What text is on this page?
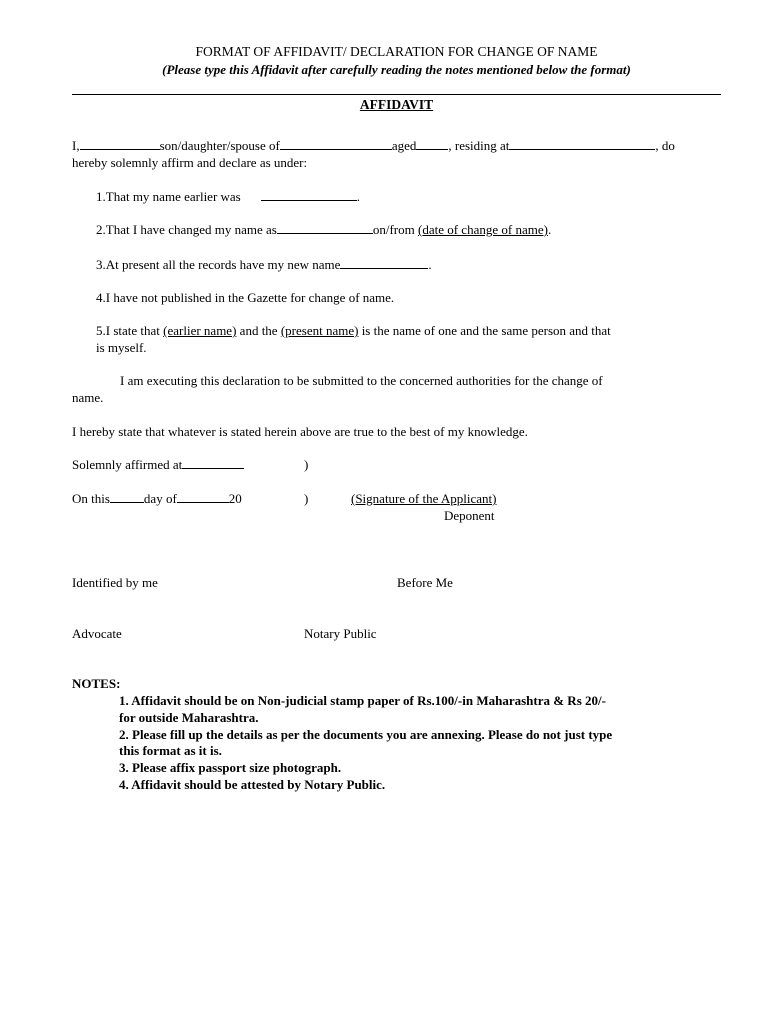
FORMAT OF AFFIDAVIT/ DECLARATION FOR CHANGE OF NAME
(Please type this Affidavit after carefully reading the notes mentioned below the format)
AFFIDAVIT
I,	son/daughter/spouse of	aged , residing at	, do
hereby solemnly affirm and declare as under:
1.That my name earlier was	.
2.That I have changed my name as	on/from (date of change of name).
3.At present all the records have my new name	.
4.I have not published in the Gazette for change of name.
5.I state that (earlier name) and the (present name) is the name of one and the same person and that
is myself.
I am executing this declaration to be submitted to the concerned authorities for the change of
name.
I hereby state that whatever is stated herein above are true to the best of my knowledge.
Solemnly affirmed at	)
On this	day of	20	)	(Signature of the Applicant)
Deponent
Identified by me	Before Me
Advocate	Notary Public
NOTES:
1. Affidavit should be on Non-judicial stamp paper of Rs.100/-in Maharashtra & Rs 20/-
for outside Maharashtra.
2. Please fill up the details as per the documents you are annexing. Please do not just type
this format as it is.
3. Please affix passport size photograph.
4. Affidavit should be attested by Notary Public.
